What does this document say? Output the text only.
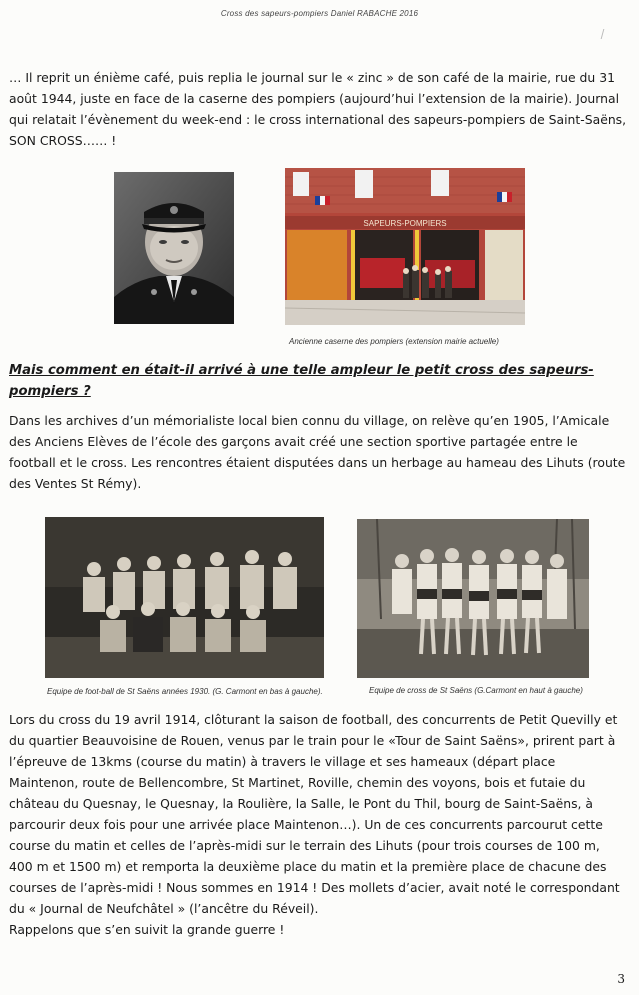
Cross des sapeurs-pompiers Daniel RABACHE 2016

… Il reprit un énième café, puis replia le journal sur le « zinc » de son café de la mairie, rue du 31 août 1944, juste en face de la caserne des pompiers (aujourd’hui l’extension de la mairie). Journal qui relatait l’évènement du week-end : le cross international des sapeurs-pompiers de Saint-Saëns, SON CROSS…… !

SAPEURS-POMPIERS
Ancienne caserne des pompiers (extension mairie actuelle)

Mais comment en était-il arrivé à une telle ampleur le petit cross des sapeurs-pompiers ?

Dans les archives d’un mémorialiste local bien connu du village, on relève qu’en 1905, l’Amicale des Anciens Elèves de l’école des garçons avait créé une section sportive partagée entre le football et le cross. Les rencontres étaient disputées dans un herbage au hameau des Lihuts (route des Ventes St Rémy).

Equipe de foot-ball de St Saëns années 1930. (G. Carmont en bas à gauche).	Equipe de cross de St Saëns (G.Carmont en haut à gauche)
Lors du cross du 19 avril 1914, clôturant la saison de football, des concurrents de Petit Quevilly et du quartier Beauvoisine de Rouen, venus par le train pour le «Tour de Saint Saëns», prirent part à l’épreuve de 13kms (course du matin) à travers le village et ses hameaux (départ place Maintenon, route de Bellencombre, St Martinet, Roville, chemin des voyons, bois et futaie du château du Quesnay, le Quesnay, la Roulière, la Salle, le Pont du Thil, bourg de Saint-Saëns, à parcourir deux fois pour une arrivée place Maintenon…). Un de ces concurrents parcourut cette course du matin et celles de l’après-midi sur le terrain des Lihuts (pour trois courses de 100 m, 400 m et 1500 m) et remporta la deuxième place du matin et la première place de chacune des courses de l’après-midi ! Nous sommes en 1914 ! Des mollets d’acier, avait noté le correspondant du « Journal de Neufchâtel » (l’ancêtre du Réveil).
Rappelons que s’en suivit la grande guerre !
3
